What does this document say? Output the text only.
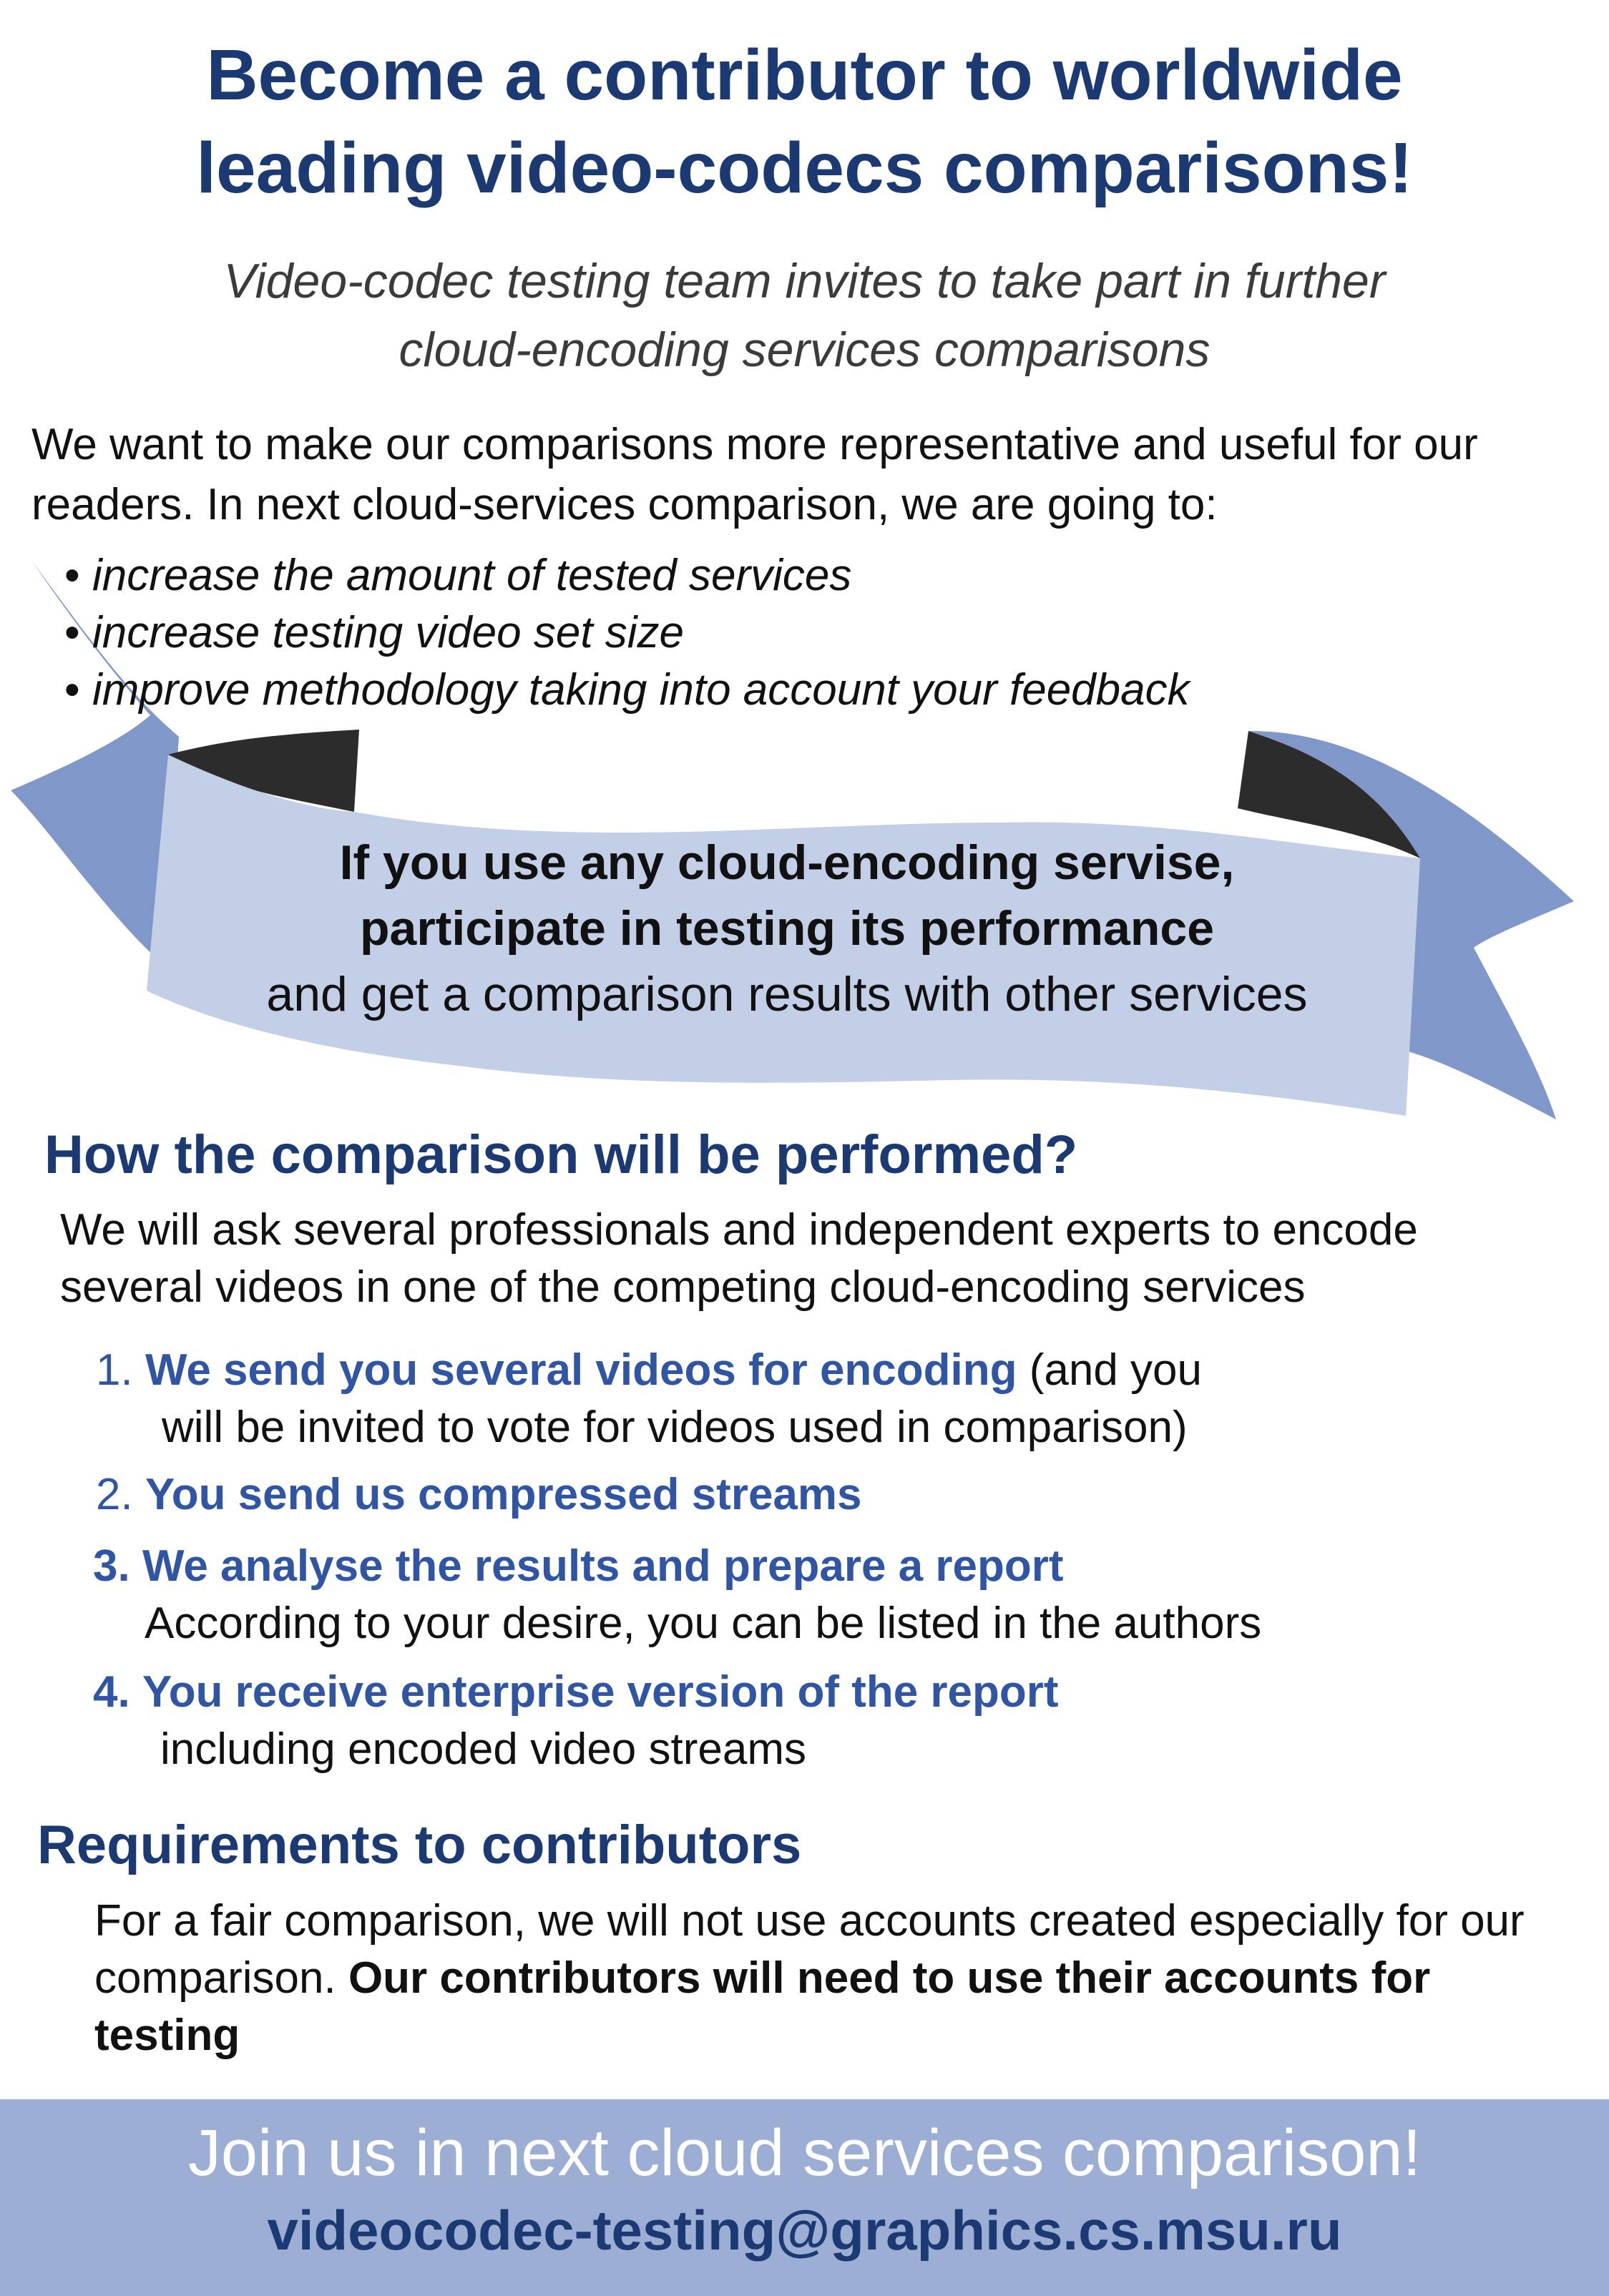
Become a contributor to worldwide
leading video-codecs comparisons!
Video-codec testing team invites to take part in further
cloud-encoding services comparisons
We want to make our comparisons more representative and useful for our readers. In next cloud-services comparison, we are going to:
• increase the amount of tested services
• increase testing video set size
• improve methodology taking into account your feedback
If you use any cloud-encoding servise,
participate in testing its performance
and get a comparison results with other services
How the comparison will be performed?
We will ask several professionals and independent experts to encode several videos in one of the competing cloud-encoding services
1. We send you several videos for encoding (and you
will be invited to vote for videos used in comparison)
2. You send us compressed streams
3. We analyse the results and prepare a report
According to your desire, you can be listed in the authors
4. You receive enterprise version of the report
including encoded video streams
Requirements to contributors
For a fair comparison, we will not use accounts created especially for our comparison. Our contributors will need to use their accounts for testing
Join us in next cloud services comparison!
videocodec-testing@graphics.cs.msu.ru
